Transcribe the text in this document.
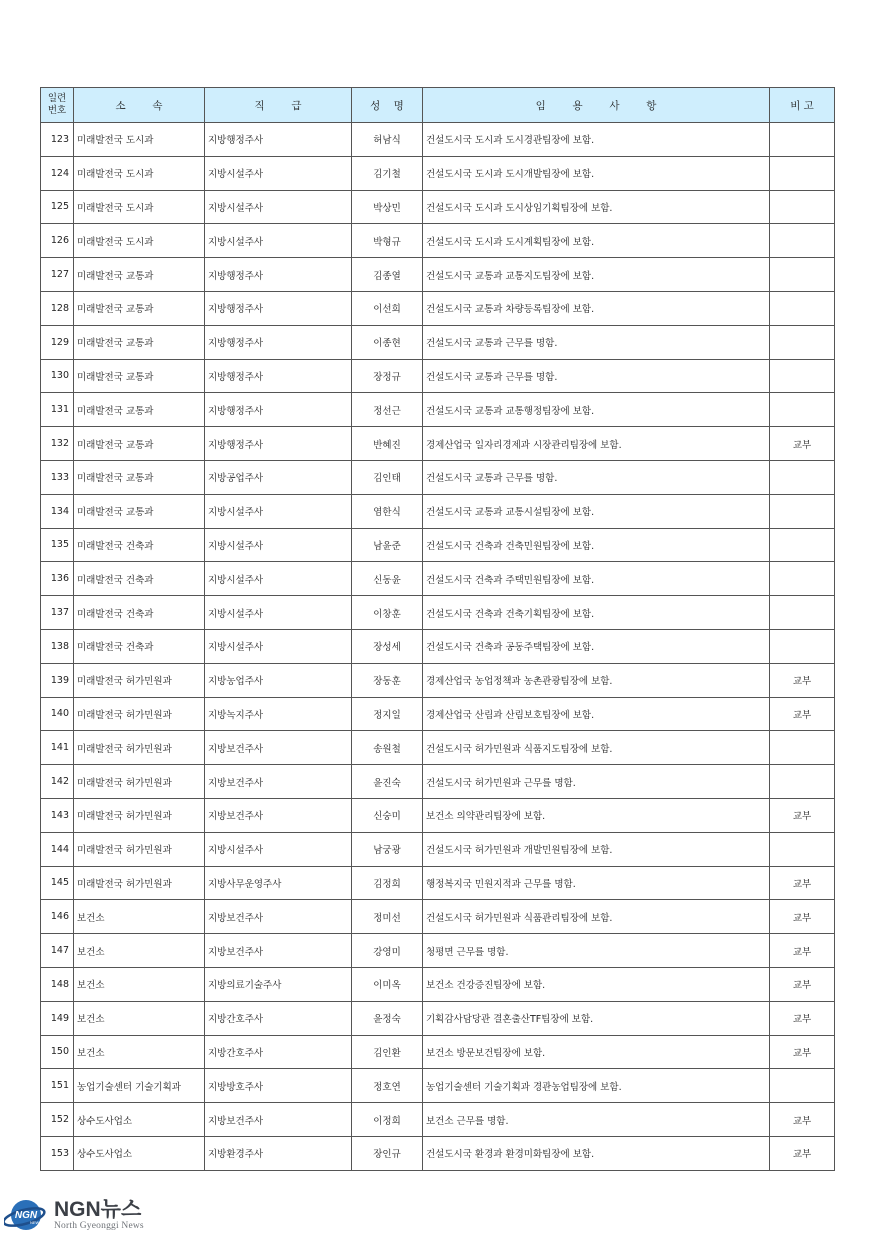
일련
번호	소        속	직        급	성    명	임        용        사        항	비 고
123	미래발전국 도시과	지방행정주사	허남식	건설도시국 도시과 도시경관팀장에 보함.	
124	미래발전국 도시과	지방시설주사	김기철	건설도시국 도시과 도시개발팀장에 보함.	
125	미래발전국 도시과	지방시설주사	박상민	건설도시국 도시과 도시상임기획팀장에 보함.	
126	미래발전국 도시과	지방시설주사	박형규	건설도시국 도시과 도시계획팀장에 보함.	
127	미래발전국 교통과	지방행정주사	김종열	건설도시국 교통과 교통지도팀장에 보함.	
128	미래발전국 교통과	지방행정주사	이선희	건설도시국 교통과 차량등록팀장에 보함.	
129	미래발전국 교통과	지방행정주사	이종현	건설도시국 교통과 근무를 명함.	
130	미래발전국 교통과	지방행정주사	장정규	건설도시국 교통과 근무를 명함.	
131	미래발전국 교통과	지방행정주사	정선근	건설도시국 교통과 교통행정팀장에 보함.	
132	미래발전국 교통과	지방행정주사	반혜진	경제산업국 일자리경제과 시장관리팀장에 보함.	교부
133	미래발전국 교통과	지방공업주사	김인태	건설도시국 교통과 근무를 명함.	
134	미래발전국 교통과	지방시설주사	염한식	건설도시국 교통과 교통시설팀장에 보함.	
135	미래발전국 건축과	지방시설주사	남윤준	건설도시국 건축과 건축민원팀장에 보함.	
136	미래발전국 건축과	지방시설주사	신동윤	건설도시국 건축과 주택민원팀장에 보함.	
137	미래발전국 건축과	지방시설주사	이창훈	건설도시국 건축과 건축기획팀장에 보함.	
138	미래발전국 건축과	지방시설주사	장성세	건설도시국 건축과 공동주택팀장에 보함.	
139	미래발전국 허가민원과	지방농업주사	장동훈	경제산업국 농업정책과 농촌관광팀장에 보함.	교부
140	미래발전국 허가민원과	지방녹지주사	정지일	경제산업국 산림과 산림보호팀장에 보함.	교부
141	미래발전국 허가민원과	지방보건주사	송원철	건설도시국 허가민원과 식품지도팀장에 보함.	
142	미래발전국 허가민원과	지방보건주사	윤진숙	건설도시국 허가민원과 근무를 명함.	
143	미래발전국 허가민원과	지방보건주사	신숭미	보건소 의약관리팀장에 보함.	교부
144	미래발전국 허가민원과	지방시설주사	남궁광	건설도시국 허가민원과 개발민원팀장에 보함.	
145	미래발전국 허가민원과	지방사무운영주사	김정희	행정복지국 민원지적과 근무를 명함.	교부
146	보건소	지방보건주사	정미선	건설도시국 허가민원과 식품관리팀장에 보함.	교부
147	보건소	지방보건주사	강영미	청평면 근무를 명함.	교부
148	보건소	지방의료기술주사	이미옥	보건소 건강증진팀장에 보함.	교부
149	보건소	지방간호주사	윤정숙	기획감사담당관 결혼출산TF팀장에 보함.	교부
150	보건소	지방간호주사	김인환	보건소 방문보건팀장에 보함.	교부
151	농업기술센터 기술기획과	지방방호주사	정호연	농업기술센터 기술기획과 경관농업팀장에 보함.	
152	상수도사업소	지방보건주사	이정희	보건소 근무를 명함.	교부
153	상수도사업소	지방환경주사	장인규	건설도시국 환경과 환경미화팀장에 보함.	교부
NGN
NEWS
NGN뉴스
North Gyeonggi News
